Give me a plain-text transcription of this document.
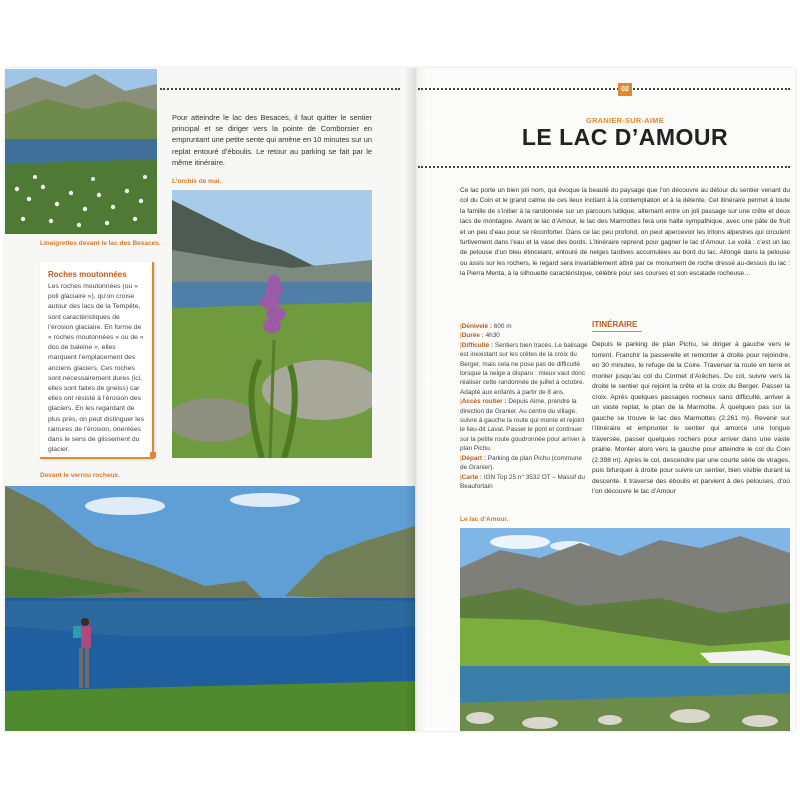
Linaigrettes devant le lac des Besaces.
Pour atteindre le lac des Besaces, il faut quitter le sentier principal et se diriger vers la pointe de Comborsier en empruntant une petite sente qui amène en 10 minutes sur un replat entouré d’éboulis. Le retour au parking se fait par le même itinéraire.
L’orchis de mai.
Roches moutonnées
Les roches moutonnées (ou « poli glaciaire »), qu’on croise autour des lacs de la Tempête, sont caractéristiques de l’érosion glaciaire. En forme de « roches moutonnées » ou de « dos de baleine », elles marquent l’emplacement des anciens glaciers. Ces roches sont nécessairement dures (ici, elles sont faites de gneiss) car elles ont résisté à l’érosion des glaciers. En les regardant de plus près, on peut distinguer les rainures de l’érosion, orientées dans le sens de glissement du glacier.
Devant le verrou rocheux.
02
GRANIER-SUR-AIME
LE LAC D’AMOUR
Ce lac porte un bien joli nom, qui évoque la beauté du paysage que l’on découvre au détour du sentier venant du col du Coin et le grand calme de ces lieux incitant à la contemplation et à la détente. Cet itinéraire permet à toute la famille de s’initier à la randonnée sur un parcours ludique, alternant entre un joli passage sur une crête et deux lacs de montagne. Avant le lac d’Amour, le lac des Marmottes fera une halte sympathique, avec une pâte de fruit et un peu d’eau pour se réconforter. Dans ce lac peu profond, on peut apercevoir les tritons alpestres qui circulent furtivement dans l’eau et la vase des bords. L’itinéraire reprend pour gagner le lac d’Amour. Le voilà : c’est un lac de pelouse d’un bleu étincelant, entouré de neiges tardives accumulées au bord du lac. Allongé dans la pelouse ou assis sur les rochers, le regard sera invariablement attiré par ce monument de roche dressé au-dessus du lac : la Pierra Menta, à la silhouette caractéristique, célèbre pour ses courses et son escalade rocheuse…
|Dénivelé : 600 m
|Durée : 4h30
|Difficulté : Sentiers bien tracés. Le balisage est inexistant sur les crêtes de la croix du Berger, mais cela ne pose pas de difficulté lorsque la neige a disparu : mieux vaut donc réaliser cette randonnée de juillet à octobre. Adapté aux enfants à partir de 8 ans.
|Accès routier : Depuis Aime, prendre la direction de Granier. Au centre du village, suivre à gauche la route qui monte et rejoint le lieu-dit Laval. Passer le pont et continuer sur la petite route goudronnée pour arriver à plan Pichu.
|Départ : Parking de plan Pichu (commune de Granier).
|Carte : IGN Top 25 n° 3532 OT – Massif du Beaufortain
ITINÉRAIRE
Depuis le parking de plan Pichu, se diriger à gauche vers le torrent. Franchir la passerelle et remonter à droite pour rejoindre, en 30 minutes, le refuge de la Coire. Traverser la route en terre et monter jusqu’au col du Cormet d’Arêches. Du col, suivre vers la droite le sentier qui rejoint la crête et la croix du Berger. Passer la croix. Après quelques passages rocheux sans difficulté, arriver à un vaste replat, le plan de la Marmotte. À quelques pas sur la gauche se trouve le lac des Marmottes (2.261 m). Revenir sur l’itinéraire et emprunter le sentier qui amorce une longue traversée, passer quelques rochers pour arriver dans une vaste prairie. Monter alors vers la gauche pour atteindre le col du Coin (2.398 m). Après le col, descendre par une courte série de virages, puis bifurquer à droite pour suivre un sentier, bien visible durant la descente. Il traverse des éboulis et parvient à des pelouses, d’où l’on découvre le lac d’Amour
Le lac d’Amour.
